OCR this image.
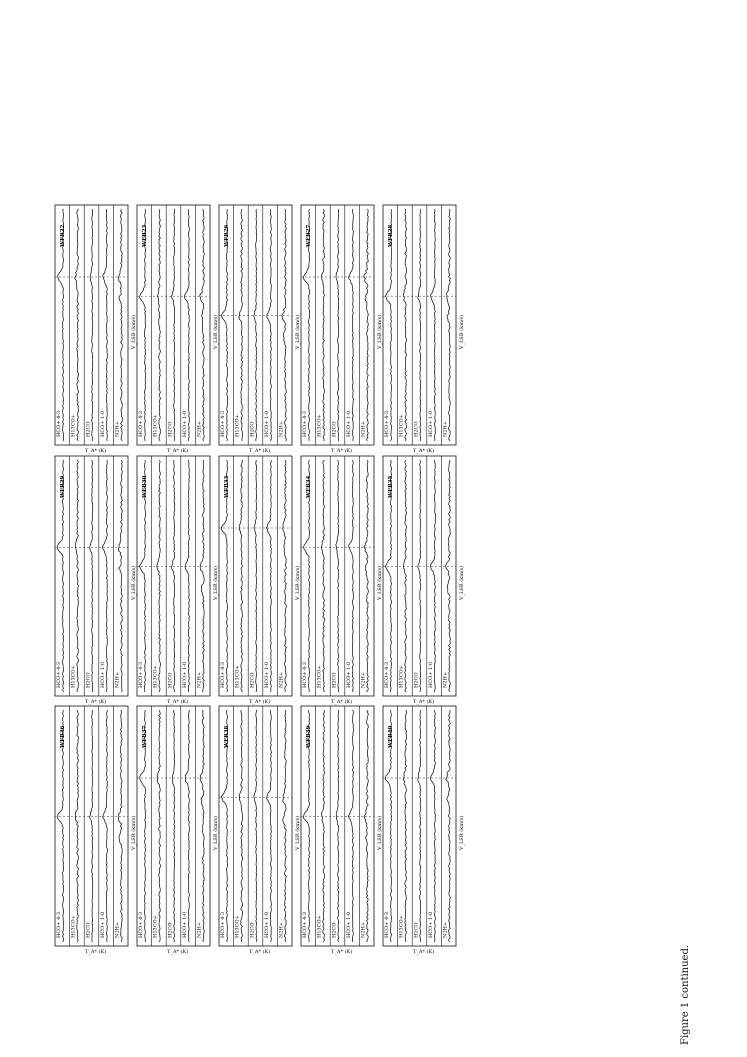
HCO+ 4-3 H13CO+ H2CO HCO+ 1-0 N2H+
WFB22
V_LSR (km/s)
T_A* (K)
HCO+ 4-3 H13CO+ H2CO HCO+ 1-0 N2H+
WFB23
V_LSR (km/s)
T_A* (K)
HCO+ 4-3 H13CO+ H2CO HCO+ 1-0 N2H+
WFB26
V_LSR (km/s)
T_A* (K)
HCO+ 4-3 H13CO+ H2CO HCO+ 1-0 N2H+
WFB27
V_LSR (km/s)
T_A* (K)
HCO+ 4-3 H13CO+ H2CO HCO+ 1-0 N2H+
WFB28
V_LSR (km/s)
T_A* (K)
HCO+ 4-3 H13CO+ H2CO HCO+ 1-0 N2H+
WFB29
V_LSR (km/s)
T_A* (K)
HCO+ 4-3 H13CO+ H2CO HCO+ 1-0 N2H+
WFB30
V_LSR (km/s)
T_A* (K)
HCO+ 4-3 H13CO+ H2CO HCO+ 1-0 N2H+
WFB33
V_LSR (km/s)
T_A* (K)
HCO+ 4-3 H13CO+ H2CO HCO+ 1-0 N2H+
WFB34
V_LSR (km/s)
T_A* (K)
HCO+ 4-3 H13CO+ H2CO HCO+ 1-0 N2H+
WFB35
V_LSR (km/s)
T_A* (K)
HCO+ 4-3 H13CO+ H2CO HCO+ 1-0 N2H+
WFB36
V_LSR (km/s)
T_A* (K)
HCO+ 4-3 H13CO+ H2CO HCO+ 1-0 N2H+
WFB37
V_LSR (km/s)
T_A* (K)
HCO+ 4-3 H13CO+ H2CO HCO+ 1-0 N2H+
WFB38
V_LSR (km/s)
T_A* (K)
HCO+ 4-3 H13CO+ H2CO HCO+ 1-0 N2H+
WFB39
V_LSR (km/s)
T_A* (K)
HCO+ 4-3 H13CO+ H2CO HCO+ 1-0 N2H+
WFB40
V_LSR (km/s)
T_A* (K)	Figure 1 continued.
